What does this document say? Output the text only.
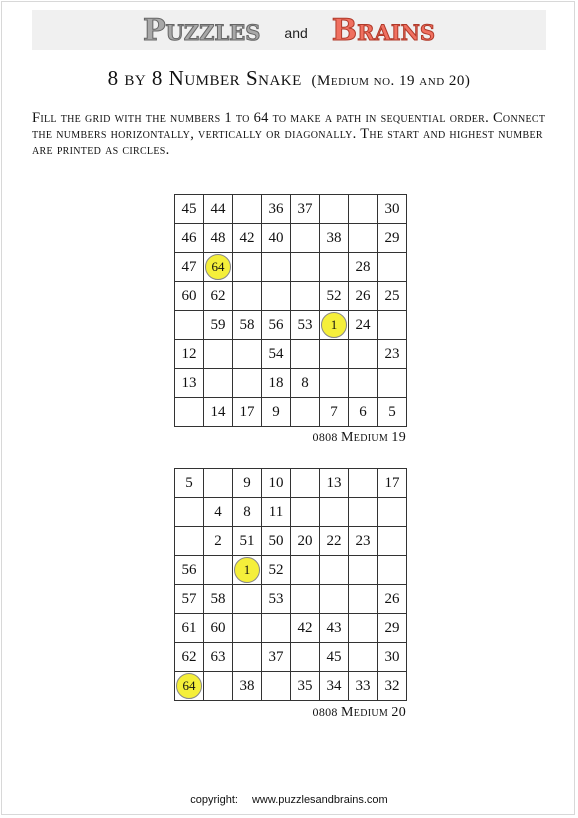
Puzzles and Brains
8 by 8 Number Snake (Medium no. 19 and 20)
Fill the grid with the numbers 1 to 64 to make a path in sequential order. Connect the numbers horizontally, vertically or diagonally. The start and highest number are printed as circles.
45	44		36	37			30
46	48	42	40		38		29
47	64					28	
60	62				52	26	25
	59	58	56	53	1	24	
12			54				23
13			18	8			
	14	17	9		7	6	5
0808 Medium 19
5		9	10		13		17
	4	8	11				
	2	51	50	20	22	23	
56		1	52				
57	58		53				26
61	60			42	43		29
62	63		37		45		30
64		38		35	34	33	32
0808 Medium 20
copyright: www.puzzlesandbrains.com
